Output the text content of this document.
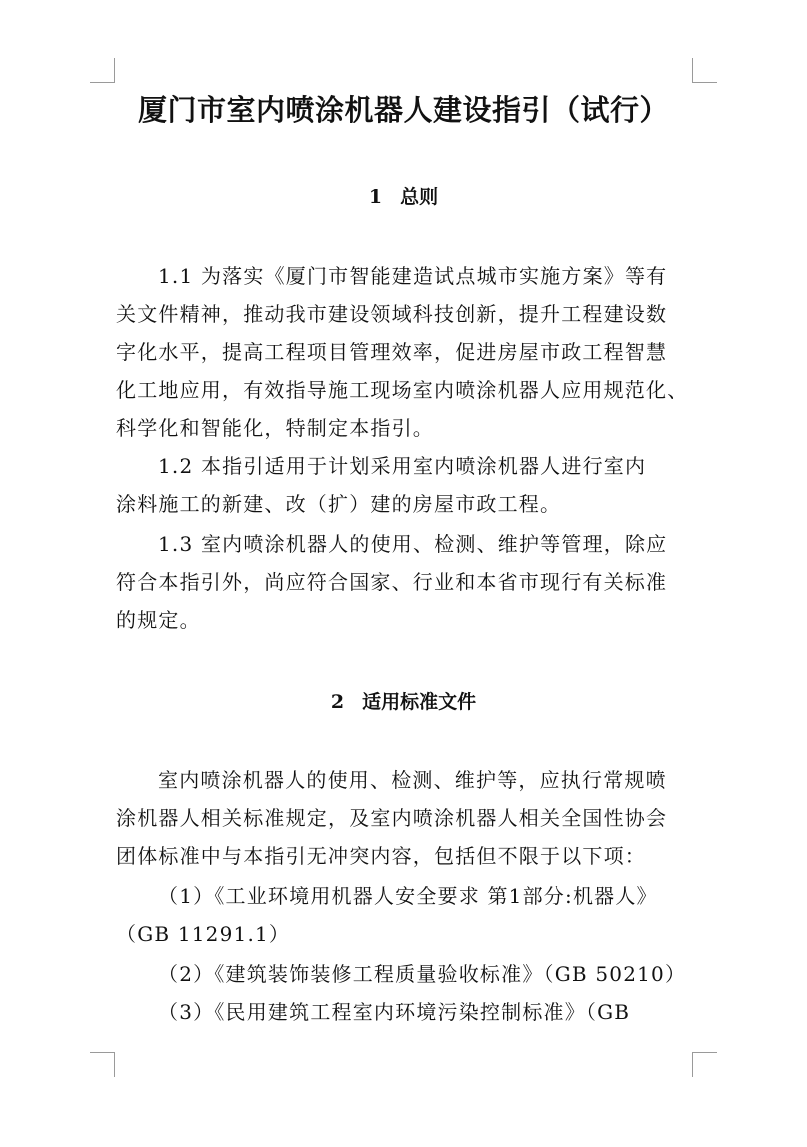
厦门市室内喷涂机器人建设指引（试行）
1 总则
1.1 为落实《厦门市智能建造试点城市实施方案》等有
关文件精神，推动我市建设领域科技创新，提升工程建设数
字化水平，提高工程项目管理效率，促进房屋市政工程智慧
化工地应用，有效指导施工现场室内喷涂机器人应用规范化、
科学化和智能化，特制定本指引。
1.2 本指引适用于计划采用室内喷涂机器人进行室内
涂料施工的新建、改（扩）建的房屋市政工程。
1.3 室内喷涂机器人的使用、检测、维护等管理，除应
符合本指引外，尚应符合国家、行业和本省市现行有关标准
的规定。
2 适用标准文件
室内喷涂机器人的使用、检测、维护等，应执行常规喷
涂机器人相关标准规定，及室内喷涂机器人相关全国性协会
团体标准中与本指引无冲突内容，包括但不限于以下项：
（1）《工业环境用机器人安全要求 第1部分:机器人》
（GB 11291.1）
（2）《建筑装饰装修工程质量验收标准》（GB 50210）
（3）《民用建筑工程室内环境污染控制标准》（GB
